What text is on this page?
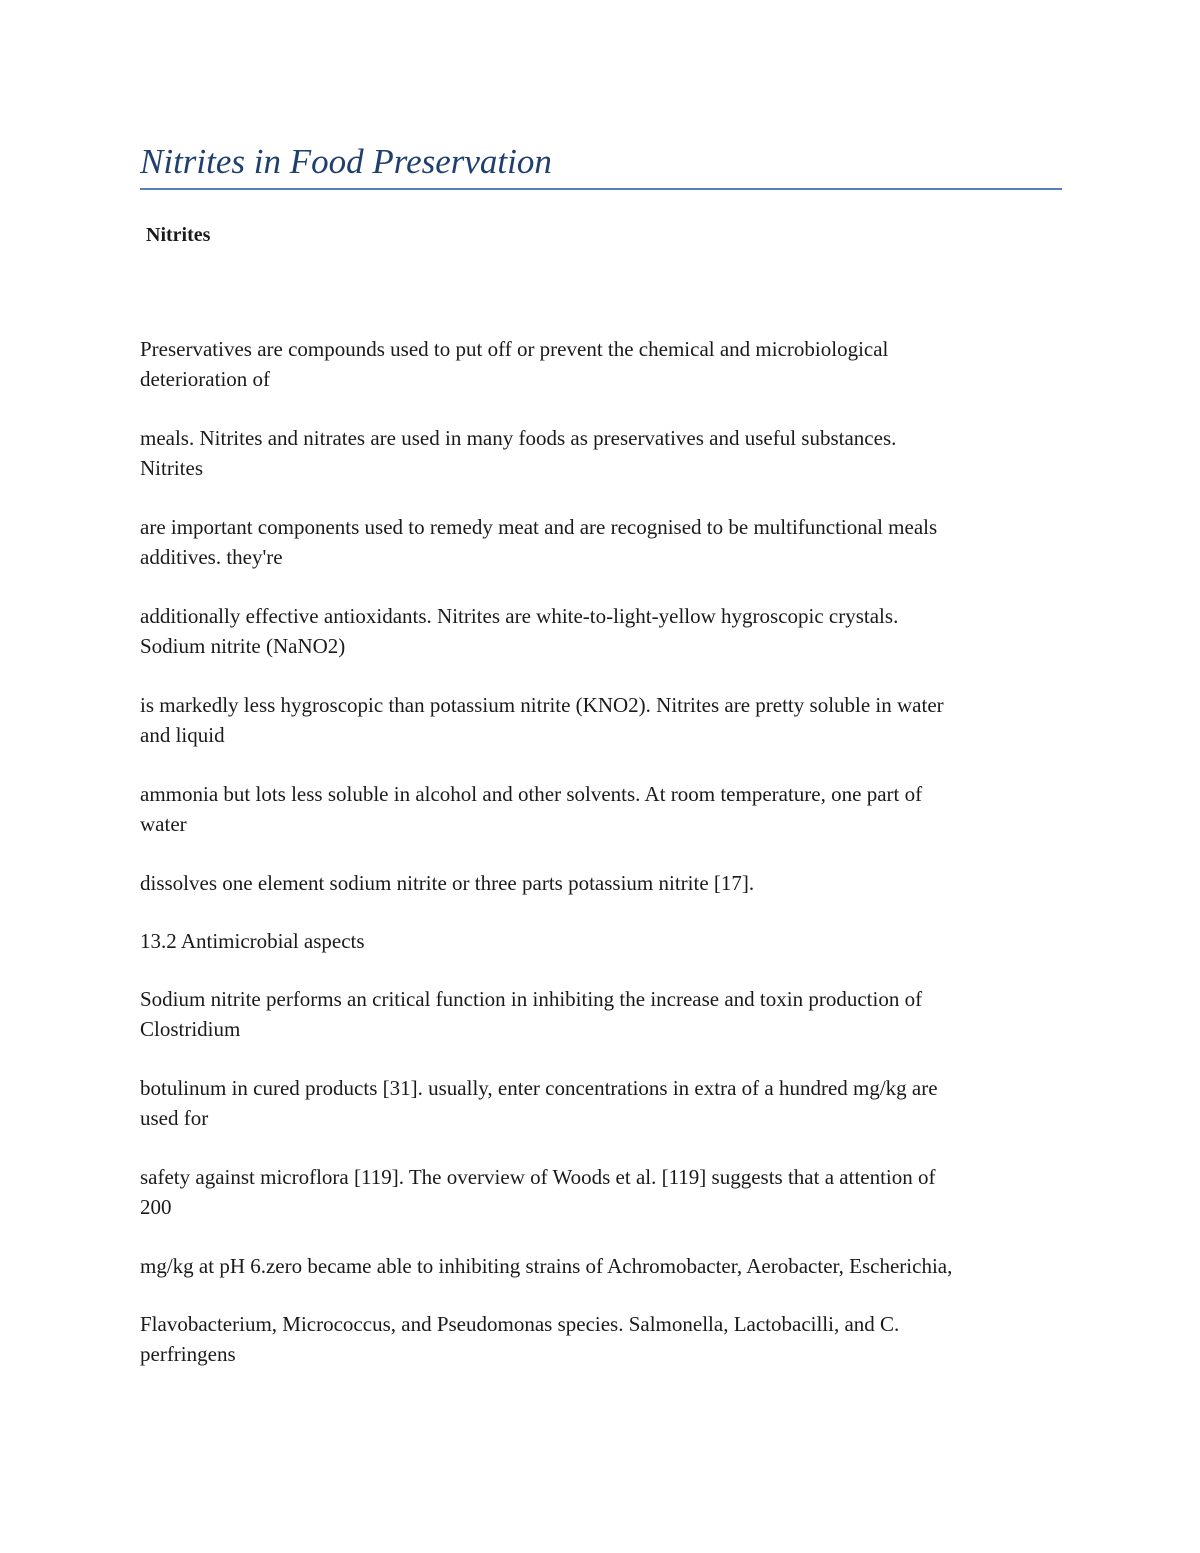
Nitrites in Food Preservation
Nitrites

Preservatives are compounds used to put off or prevent the chemical and microbiological
deterioration of

meals. Nitrites and nitrates are used in many foods as preservatives and useful substances.
Nitrites

are important components used to remedy meat and are recognised to be multifunctional meals
additives. they're

additionally effective antioxidants. Nitrites are white-to-light-yellow hygroscopic crystals.
Sodium nitrite (NaNO2)

is markedly less hygroscopic than potassium nitrite (KNO2). Nitrites are pretty soluble in water
and liquid

ammonia but lots less soluble in alcohol and other solvents. At room temperature, one part of
water

dissolves one element sodium nitrite or three parts potassium nitrite [17].

13.2 Antimicrobial aspects

Sodium nitrite performs an critical function in inhibiting the increase and toxin production of
Clostridium

botulinum in cured products [31]. usually, enter concentrations in extra of a hundred mg/kg are
used for

safety against microflora [119]. The overview of Woods et al. [119] suggests that a attention of
200

mg/kg at pH 6.zero became able to inhibiting strains of Achromobacter, Aerobacter, Escherichia,

Flavobacterium, Micrococcus, and Pseudomonas species. Salmonella, Lactobacilli, and C.
perfringens
